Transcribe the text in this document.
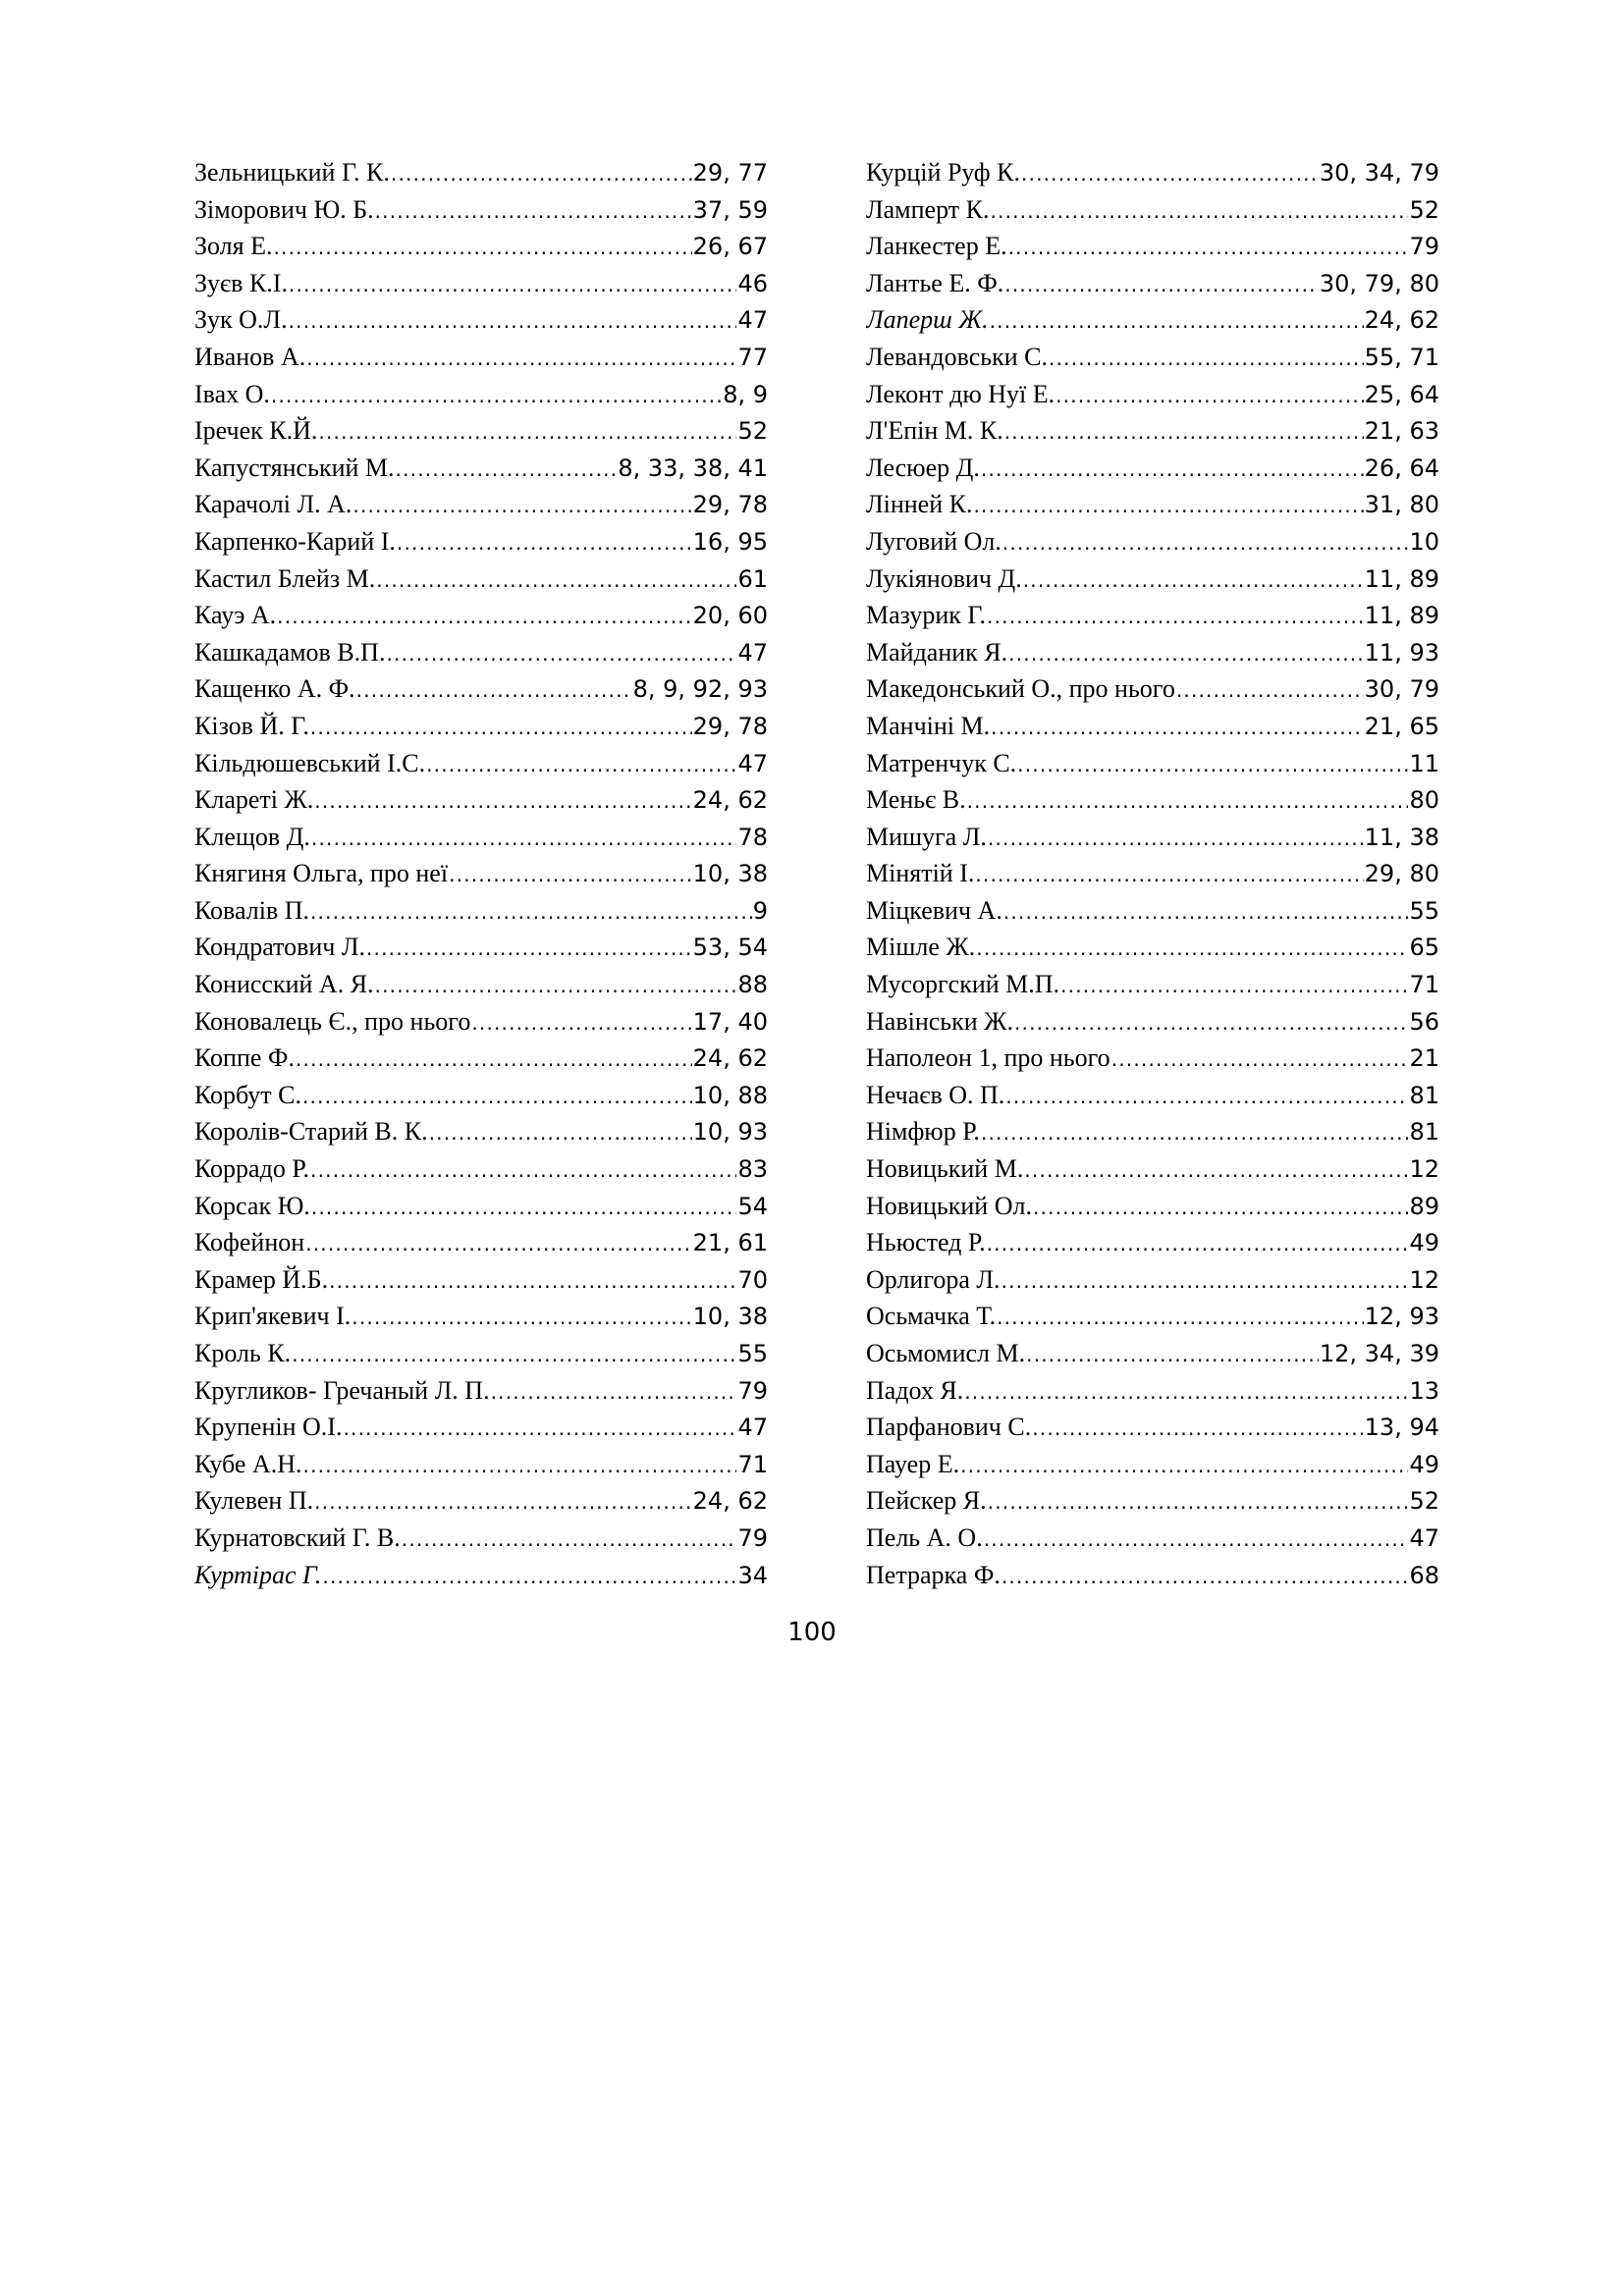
Зельницький Г. К. .....	29, 77
Зіморович Ю. Б. .....	37, 59
Золя Е. .....	26, 67
Зуєв К.І. .....	46
Зук О.Л. .....	47
Иванов А. .....	77
Івах О. .....	8, 9
Іречек К.Й. .....	52
Капустянський М. .....	8, 33, 38, 41
Карачолі Л. А. .....	29, 78
Карпенко-Карий І. .....	16, 95
Кастил Блейз М. .....	61
Кауэ А. .....	20, 60
Кашкадамов В.П. .....	47
Кащенко А. Ф. .....	8, 9, 92, 93
Кізов Й. Г. .....	29, 78
Кільдюшевський І.С. .....	47
Кларетi Ж. .....	24, 62
Клещов Д. .....	78
Княгиня Ольга, про неї .....	10, 38
Ковалів П. .....	9
Кондратович Л. .....	53, 54
Конисский А. Я. .....	88
Коновалець Є., про нього .....	17, 40
Коппе Ф. .....	24, 62
Корбут С. .....	10, 88
Королів-Старий В. К. .....	10, 93
Коррадо Р. .....	83
Корсак Ю. .....	54
Кофейнон .....	21, 61
Крамер Й.Б. .....	70
Крип'якевич І. .....	10, 38
Кроль К. .....	55
Кругликов- Гречаный Л. П. .....	79
Крупенін О.І. .....	47
Кубе А.Н. .....	71
Кулевен П. .....	24, 62
Курнатовский Г. В. .....	79
Куртірас Г. .....	34
Курцій Руф К. .....	30, 34, 79
Ламперт К. .....	52
Ланкестер Е. .....	79
Лантье Е. Ф. .....	30, 79, 80
Лаперш Ж. .....	24, 62
Левандовськи С. .....	55, 71
Леконт дю Нуї Е. .....	25, 64
Л'Епін М. К. .....	21, 63
Лесюер Д. .....	26, 64
Лінней К. .....	31, 80
Луговий Ол. .....	10
Лукіянович Д. .....	11, 89
Мазурик Г. .....	11, 89
Майданик Я. .....	11, 93
Македонський О., про нього .....	30, 79
Манчіні М. .....	21, 65
Матренчук С. .....	11
Меньє В. .....	80
Мишуга Л. .....	11, 38
Мінятій І. .....	29, 80
Міцкевич А. .....	55
Мішле Ж. .....	65
Мусоргский М.П. .....	71
Навінськи Ж. .....	56
Наполеон 1, про нього .....	21
Нечаєв О. П. .....	81
Німфюр Р. .....	81
Новицький М. .....	12
Новицький Ол. .....	89
Ньюстед Р. .....	49
Орлигора Л. .....	12
Осьмачка Т. .....	12, 93
Осьмомисл М. .....	12, 34, 39
Падох Я. .....	13
Парфанович С. .....	13, 94
Пауер Е. .....	49
Пейскер Я. .....	52
Пель А. О. .....	47
Петрарка Ф. .....	68
100
